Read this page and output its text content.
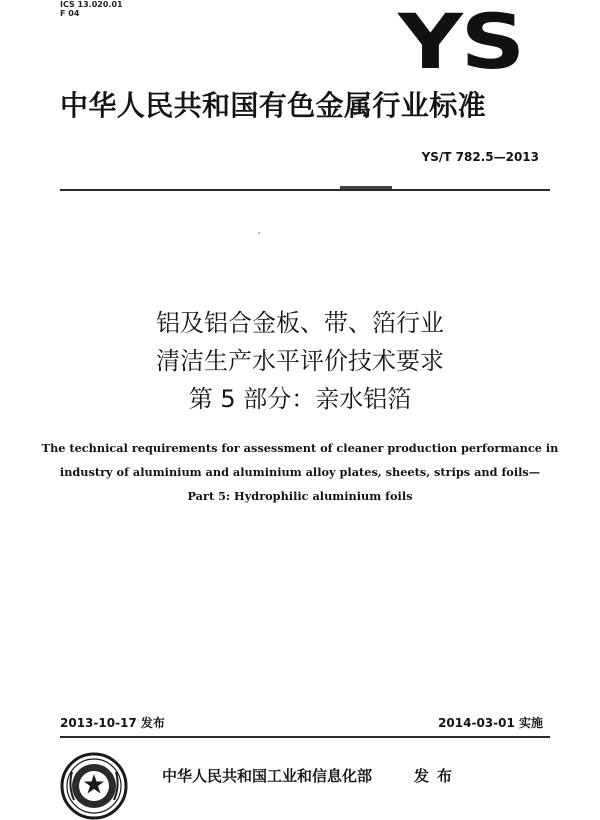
ICS 13.020.01
F 04	YS
中华人民共和国有色金属行业标准
YS/T 782.5—2013
铝及铝合金板、带、箔行业
清洁生产水平评价技术要求
第 5 部分：亲水铝箔
The technical requirements for assessment of cleaner production performance in
industry of aluminium and aluminium alloy plates, sheets, strips and foils—
Part 5: Hydrophilic aluminium foils
2013-10-17 发布	2014-03-01 实施
中华人民共和国工业和信息化部	发布
